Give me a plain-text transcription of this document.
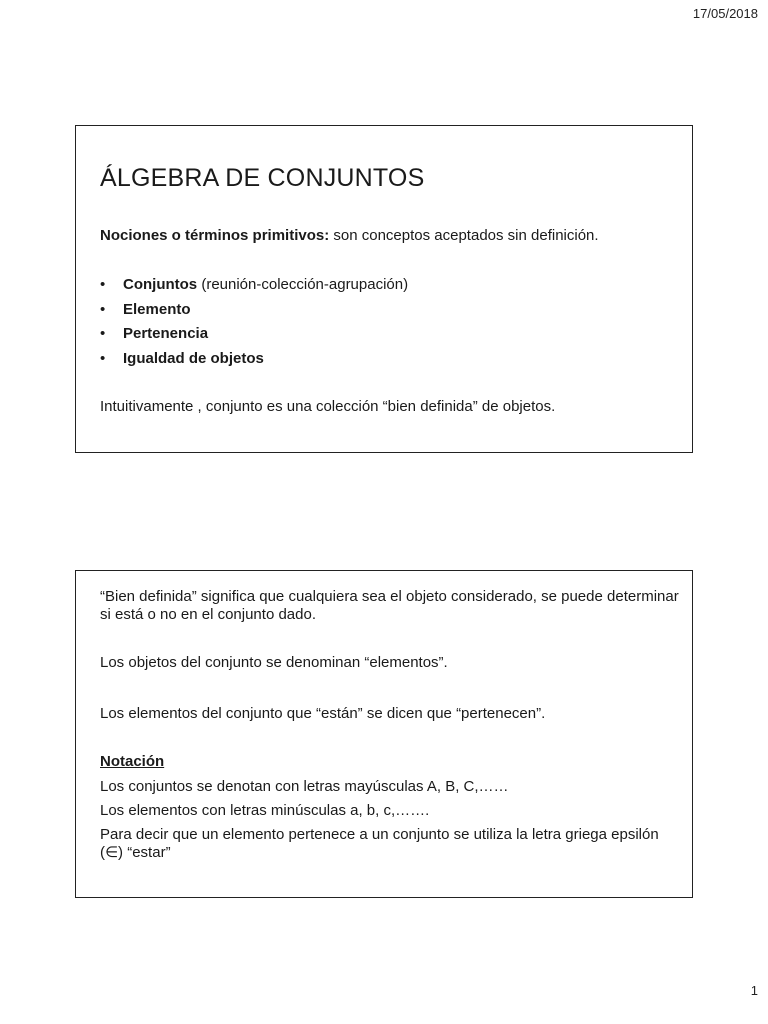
17/05/2018
ÁLGEBRA DE CONJUNTOS

Nociones o términos primitivos: son conceptos aceptados sin definición.

• Conjuntos (reunión-colección-agrupación)
• Elemento
• Pertenencia
• Igualdad de objetos

Intuitivamente , conjunto es una colección “bien definida” de objetos.

“Bien definida” significa que cualquiera sea el objeto considerado, se puede determinar si está o no en el conjunto dado.

Los objetos del conjunto se denominan “elementos”.

Los elementos del conjunto que “están” se dicen que “pertenecen”.

Notación

Los conjuntos se denotan con letras mayúsculas A, B, C,……

Los elementos con letras minúsculas a, b, c,…….

Para decir que un elemento pertenece a un conjunto se utiliza la letra griega epsilón (∈) “estar”

1
